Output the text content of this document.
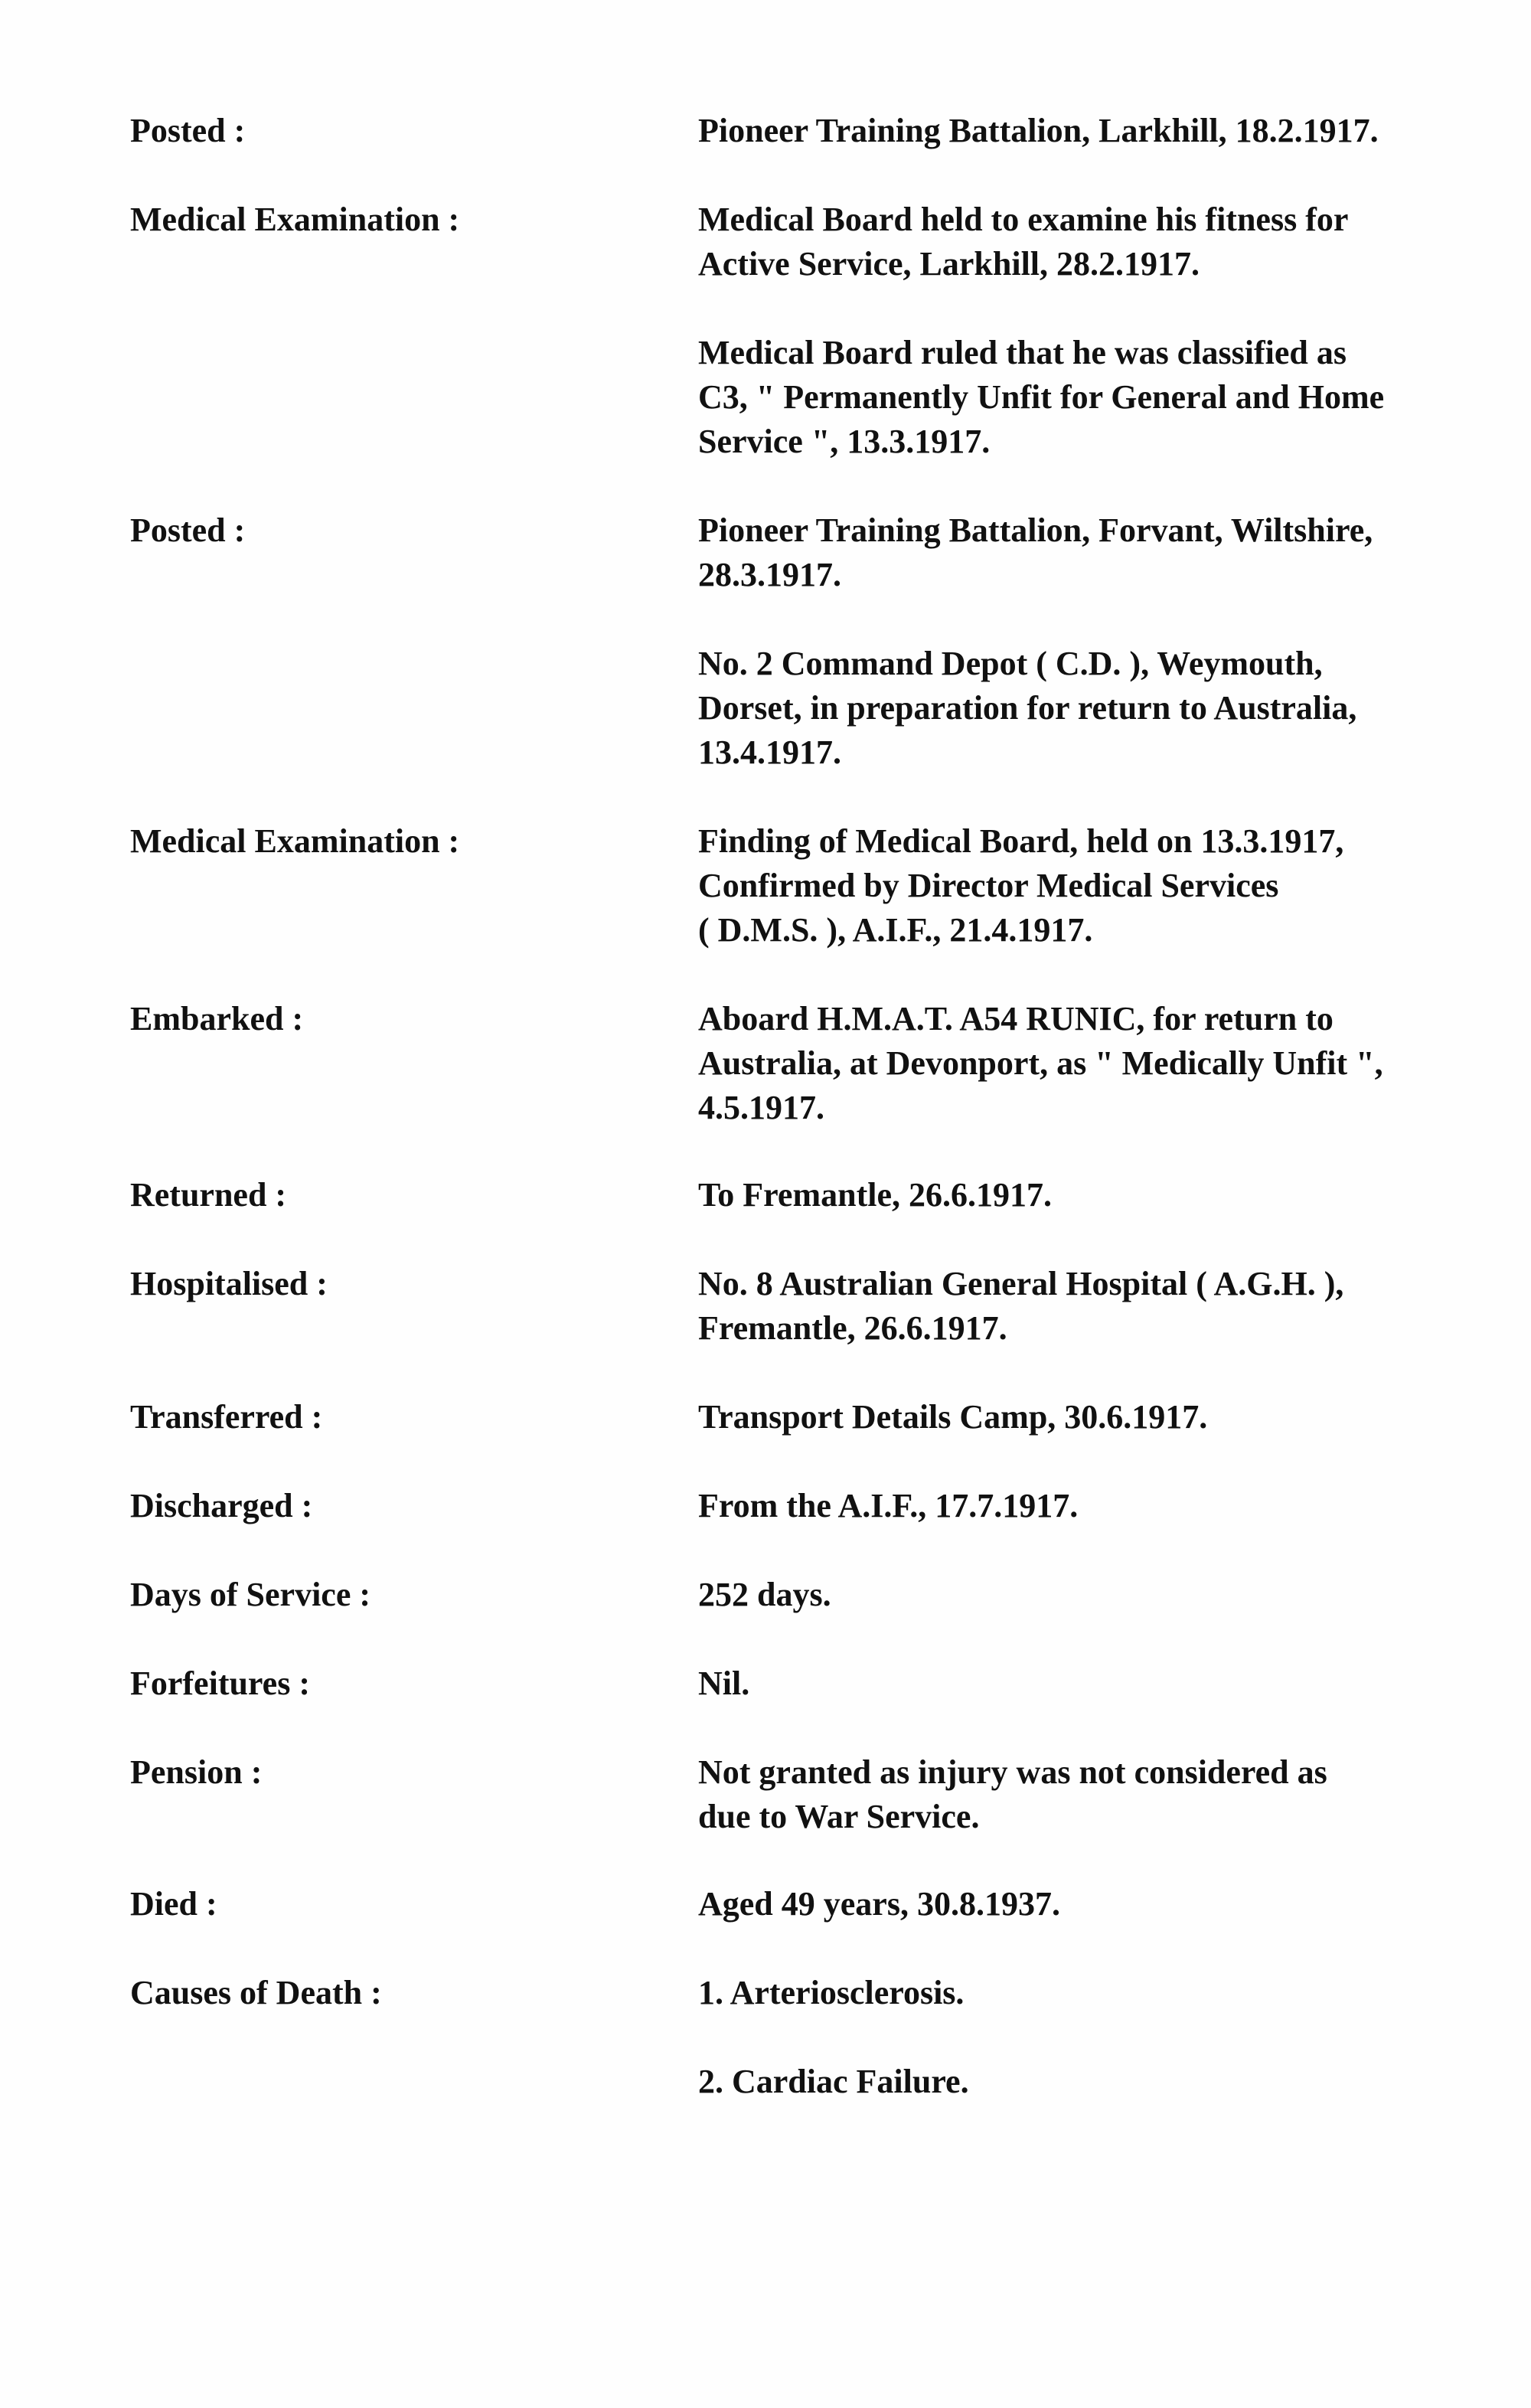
Posted :	Pioneer Training Battalion, Larkhill, 18.2.1917.
Medical Examination :	Medical Board held to examine his fitness for
Active Service, Larkhill, 28.2.1917.
Medical Board ruled that he was classified as
C3, " Permanently Unfit for General and Home
Service ", 13.3.1917.
Posted :	Pioneer Training Battalion, Forvant, Wiltshire,
28.3.1917.
No. 2 Command Depot ( C.D. ), Weymouth,
Dorset, in preparation for return to Australia,
13.4.1917.
Medical Examination :	Finding of Medical Board, held on 13.3.1917,
Confirmed by Director Medical Services
( D.M.S. ), A.I.F., 21.4.1917.
Embarked :	Aboard H.M.A.T. A54 RUNIC, for return to
Australia, at Devonport, as " Medically Unfit ",
4.5.1917.
Returned :	To Fremantle, 26.6.1917.
Hospitalised :	No. 8 Australian General Hospital ( A.G.H. ),
Fremantle, 26.6.1917.
Transferred :	Transport Details Camp, 30.6.1917.
Discharged :	From the A.I.F., 17.7.1917.
Days of Service :	252 days.
Forfeitures :	Nil.
Pension :	Not granted as injury was not considered as
due to War Service.
Died :	Aged 49 years, 30.8.1937.
Causes of Death :	1. Arteriosclerosis.
2. Cardiac Failure.
